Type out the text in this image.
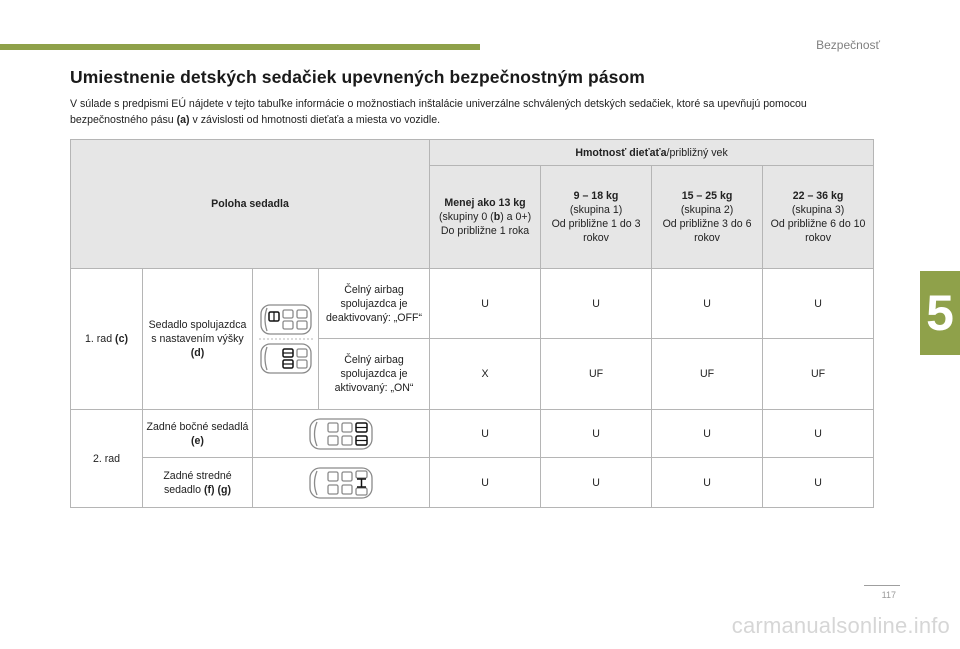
Bezpečnosť
5
Umiestnenie detských sedačiek upevnených bezpečnostným pásom
V súlade s predpismi EÚ nájdete v tejto tabuľke informácie o možnostiach inštalácie univerzálne schválených detských sedačiek, ktoré sa upevňujú pomocou bezpečnostného pásu (a) v závislosti od hmotnosti dieťaťa a miesta vo vozidle.
Poloha sedadla				Hmotnosť dieťaťa/približný vek			
				Menej ako 13 kg
(skupiny 0 (b) a 0+)
Do približne 1 roka	9 – 18 kg
(skupina 1)
Od približne 1 do 3 rokov	15 – 25 kg
(skupina 2)
Od približne 3 do 6 rokov	22 – 36 kg
(skupina 3)
Od približne 6 do 10 rokov
1. rad (c)	Sedadlo spolujazdca s nastavením výšky (d)		Čelný airbag spolujazdca je deaktivovaný: „OFF“	U	U	U	U
			Čelný airbag spolujazdca je aktivovaný: „ON“	X	UF	UF	UF
2. rad	Zadné bočné sedadlá (e)			U	U	U	U
	Zadné stredné sedadlo (f) (g)			U	U	U	U
117
carmanualsonline.info
